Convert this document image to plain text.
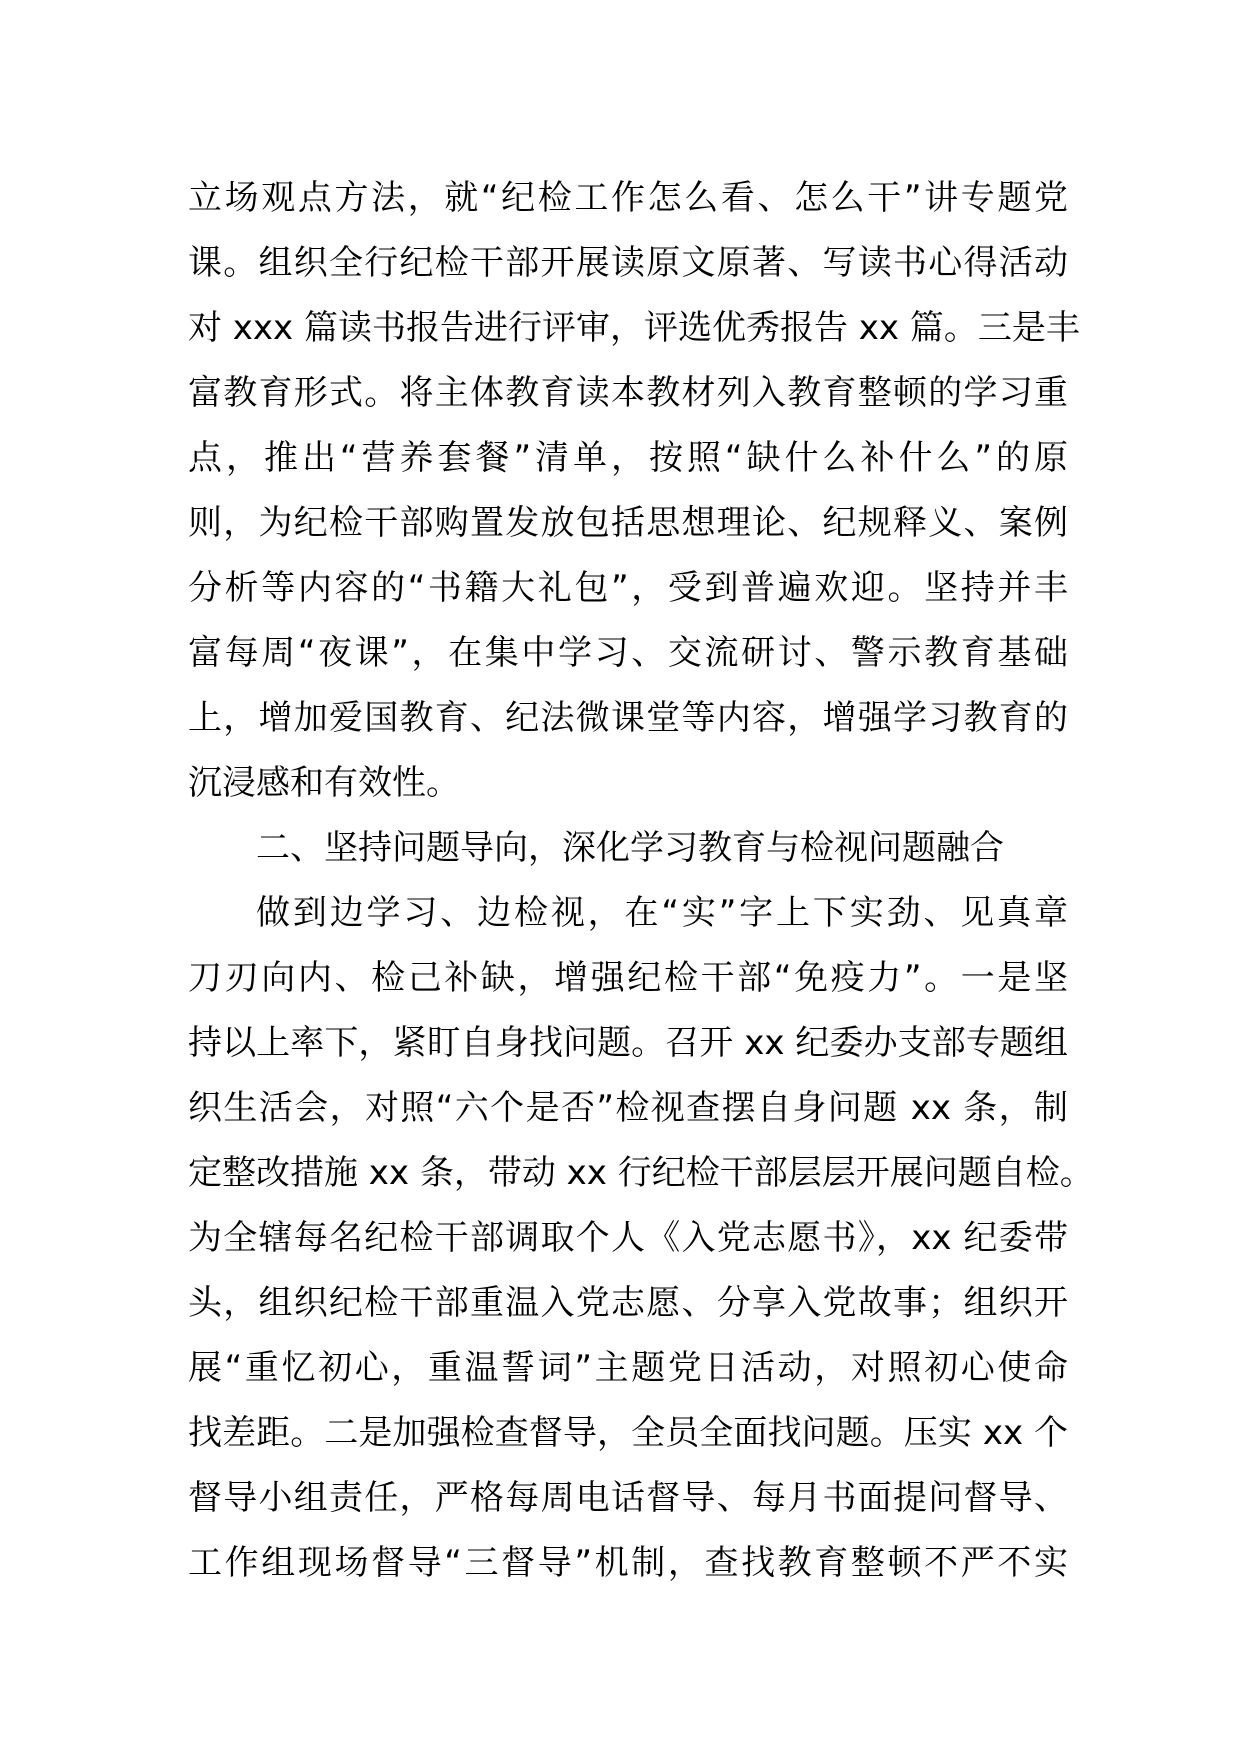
立场观点方法，就“纪检工作怎么看、怎么干”讲专题党
课。组织全行纪检干部开展读原文原著、写读书心得活动
对 xxx 篇读书报告进行评审，评选优秀报告 xx 篇。三是丰
富教育形式。将主体教育读本教材列入教育整顿的学习重
点，推出“营养套餐”清单，按照“缺什么补什么”的原
则，为纪检干部购置发放包括思想理论、纪规释义、案例
分析等内容的“书籍大礼包”，受到普遍欢迎。坚持并丰
富每周“夜课”，在集中学习、交流研讨、警示教育基础
上，增加爱国教育、纪法微课堂等内容，增强学习教育的
沉浸感和有效性。
二、坚持问题导向，深化学习教育与检视问题融合
做到边学习、边检视，在“实”字上下实劲、见真章
刀刃向内、检己补缺，增强纪检干部“免疫力”。一是坚
持以上率下，紧盯自身找问题。召开 xx 纪委办支部专题组
织生活会，对照“六个是否”检视查摆自身问题 xx 条，制
定整改措施 xx 条，带动 xx 行纪检干部层层开展问题自检。
为全辖每名纪检干部调取个人《入党志愿书》，xx 纪委带
头，组织纪检干部重温入党志愿、分享入党故事；组织开
展“重忆初心，重温誓词”主题党日活动，对照初心使命
找差距。二是加强检查督导，全员全面找问题。压实 xx 个
督导小组责任，严格每周电话督导、每月书面提问督导、
工作组现场督导“三督导”机制，查找教育整顿不严不实
